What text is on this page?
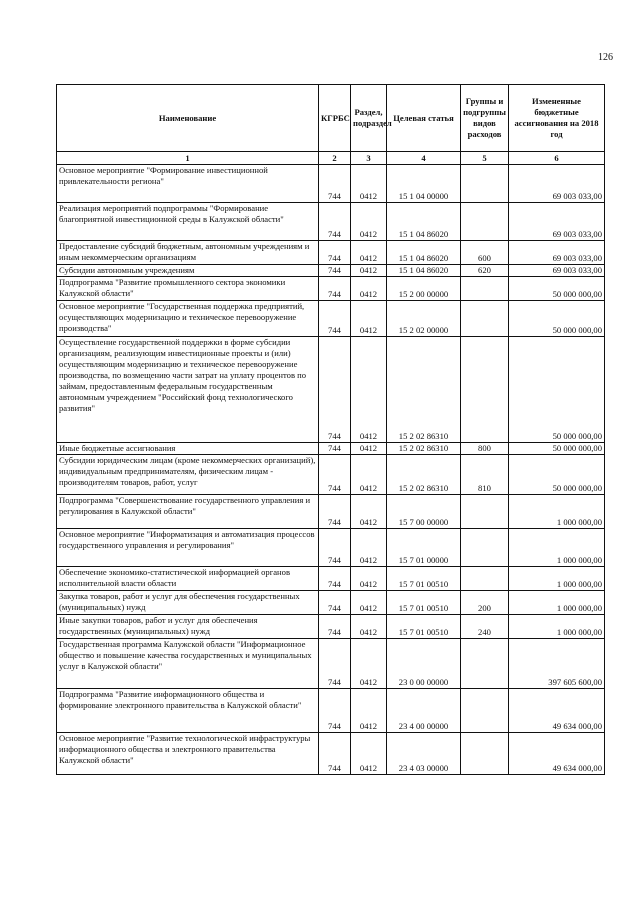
126
Наименование	КГРБС	Раздел, подраздел	Целевая статья	Группы и подгруппы видов расходов	Измененные бюджетные ассигнования на 2018 год
1	2	3	4	5	6
Основное мероприятие "Формирование инвестиционной привлекательности региона"	744	0412	15 1 04 00000		69 003 033,00
Реализация мероприятий подпрограммы "Формирование благоприятной инвестиционной среды в Калужской области"	744	0412	15 1 04 86020		69 003 033,00
Предоставление субсидий бюджетным, автономным учреждениям и иным некоммерческим организациям	744	0412	15 1 04 86020	600	69 003 033,00
Субсидии автономным учреждениям	744	0412	15 1 04 86020	620	69 003 033,00
Подпрограмма "Развитие промышленного сектора экономики Калужской области"	744	0412	15 2 00 00000		50 000 000,00
Основное мероприятие "Государственная поддержка предприятий, осуществляющих модернизацию и техническое перевооружение производства"	744	0412	15 2 02 00000		50 000 000,00
Осуществление государственной поддержки в форме субсидии организациям, реализующим инвестиционные проекты и (или) осуществляющим модернизацию и техническое перевооружение производства, по возмещению части затрат на уплату процентов по займам, предоставленным федеральным государственным автономным учреждением "Российский фонд технологического развития"	744	0412	15 2 02 86310		50 000 000,00
Иные бюджетные ассигнования	744	0412	15 2 02 86310	800	50 000 000,00
Субсидии юридическим лицам (кроме некоммерческих организаций), индивидуальным предпринимателям, физическим лицам - производителям товаров, работ, услуг	744	0412	15 2 02 86310	810	50 000 000,00
Подпрограмма "Совершенствование государственного управления и регулирования в Калужской области"	744	0412	15 7 00 00000		1 000 000,00
Основное мероприятие "Информатизация и автоматизация процессов государственного управления и регулирования"	744	0412	15 7 01 00000		1 000 000,00
Обеспечение экономико-статистической информацией органов исполнительной власти области	744	0412	15 7 01 00510		1 000 000,00
Закупка товаров, работ и услуг для обеспечения государственных (муниципальных) нужд	744	0412	15 7 01 00510	200	1 000 000,00
Иные закупки товаров, работ и услуг для обеспечения государственных (муниципальных) нужд	744	0412	15 7 01 00510	240	1 000 000,00
Государственная программа Калужской области "Информационное общество и повышение качества государственных и муниципальных услуг в Калужской области"	744	0412	23 0 00 00000		397 605 600,00
Подпрограмма "Развитие информационного общества и формирование электронного правительства в Калужской области"	744	0412	23 4 00 00000		49 634 000,00
Основное мероприятие "Развитие технологической инфраструктуры информационного общества и электронного правительства Калужской области"	744	0412	23 4 03 00000		49 634 000,00
